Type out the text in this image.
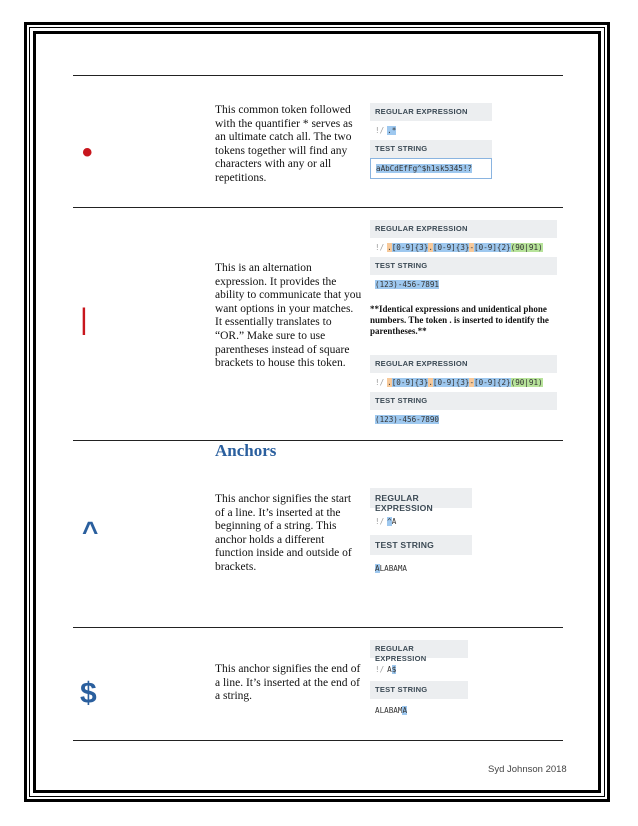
•
This common token followed with the quantifier * serves as an ultimate catch all. The two tokens together will find any characters with any or all repetitions.
REGULAR EXPRESSION
!/ .*
TEST STRING
aAbCdEfFg^$h1sk5345!?
|
This is an alternation expression. It provides the ability to communicate that you want options in your matches. It essentially translates to “OR.” Make sure to use parentheses instead of square brackets to house this token.
REGULAR EXPRESSION
!/ .[0-9]{3}.[0-9]{3}-[0-9]{2}(90|91)
TEST STRING
(123)-456-7891
**Identical expressions and unidentical phone numbers. The token . is inserted to identify the parentheses.**
REGULAR EXPRESSION
!/ .[0-9]{3}.[0-9]{3}-[0-9]{2}(90|91)
TEST STRING
(123)-456-7890
Anchors
^
This anchor signifies the start of a line. It’s inserted at the beginning of a string. This anchor holds a different function inside and outside of brackets.
REGULAR EXPRESSION
!/ ^A
TEST STRING
ALABAMA
$
This anchor signifies the end of a line. It’s inserted at the end of a string.
REGULAR EXPRESSION
!/ A$
TEST STRING
ALABAMA
Syd Johnson 2018
